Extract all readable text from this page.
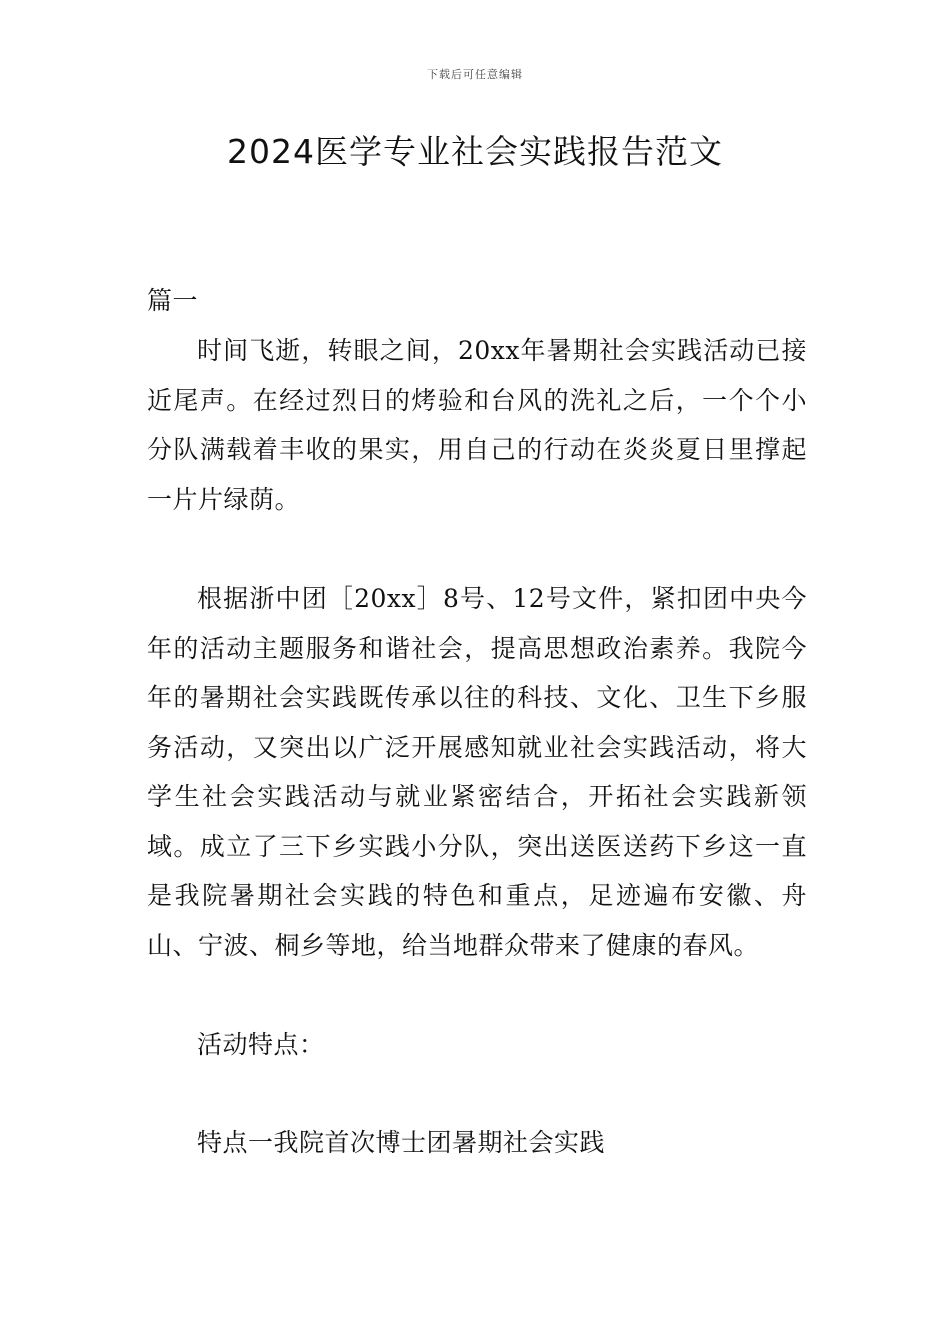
下载后可任意编辑
2024医学专业社会实践报告范文
篇一

时间飞逝，转眼之间，20xx年暑期社会实践活动已接近尾声。在经过烈日的烤验和台风的洗礼之后，一个个小分队满载着丰收的果实，用自己的行动在炎炎夏日里撑起一片片绿荫。

根据浙中团［20xx］8号、12号文件，紧扣团中央今年的活动主题服务和谐社会，提高思想政治素养。我院今年的暑期社会实践既传承以往的科技、文化、卫生下乡服务活动，又突出以广泛开展感知就业社会实践活动，将大学生社会实践活动与就业紧密结合，开拓社会实践新领域。成立了三下乡实践小分队，突出送医送药下乡这一直是我院暑期社会实践的特色和重点，足迹遍布安徽、舟山、宁波、桐乡等地，给当地群众带来了健康的春风。

活动特点：

特点一我院首次博士团暑期社会实践
